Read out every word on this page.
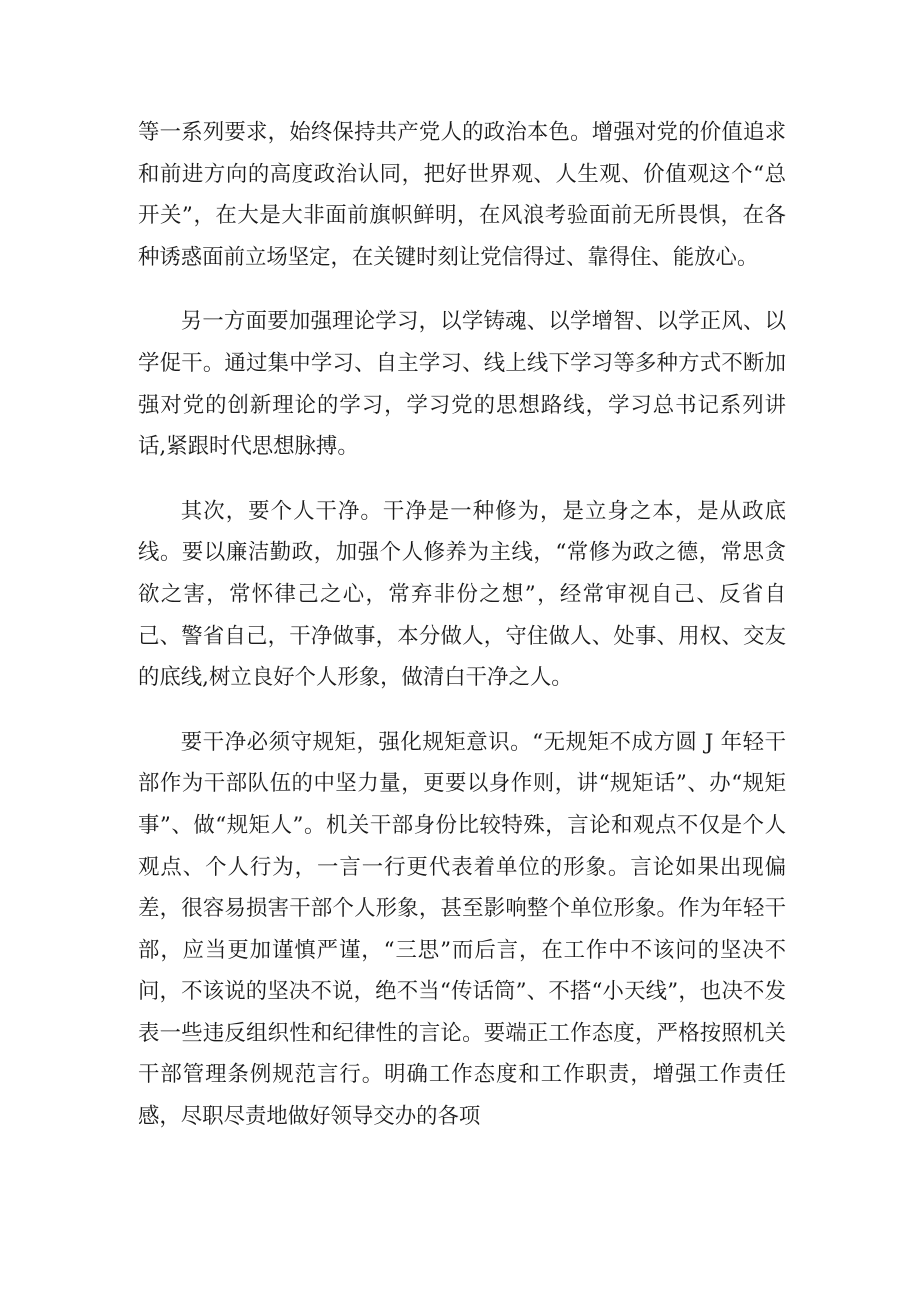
等一系列要求，始终保持共产党人的政治本色。增强对党的价值追求和前进方向的高度政治认同，把好世界观、人生观、价值观这个“总开关”，在大是大非面前旗帜鲜明，在风浪考验面前无所畏惧，在各种诱惑面前立场坚定，在关键时刻让党信得过、靠得住、能放心。

另一方面要加强理论学习，以学铸魂、以学增智、以学正风、以学促干。通过集中学习、自主学习、线上线下学习等多种方式不断加强对党的创新理论的学习，学习党的思想路线，学习总书记系列讲话,紧跟时代思想脉搏。

其次，要个人干净。干净是一种修为，是立身之本，是从政底线。要以廉洁勤政，加强个人修养为主线，“常修为政之德，常思贪欲之害，常怀律己之心，常弃非份之想”，经常审视自己、反省自己、警省自己，干净做事，本分做人，守住做人、处事、用权、交友的底线,树立良好个人形象，做清白干净之人。

要干净必须守规矩，强化规矩意识。“无规矩不成方圆 J 年轻干部作为干部队伍的中坚力量，更要以身作则，讲“规矩话”、办“规矩事”、做“规矩人”。机关干部身份比较特殊，言论和观点不仅是个人观点、个人行为，一言一行更代表着单位的形象。言论如果出现偏差，很容易损害干部个人形象，甚至影响整个单位形象。作为年轻干部，应当更加谨慎严谨，“三思”而后言，在工作中不该问的坚决不问，不该说的坚决不说，绝不当“传话筒”、不搭“小天线”，也决不发表一些违反组织性和纪律性的言论。要端正工作态度，严格按照机关干部管理条例规范言行。明确工作态度和工作职责，增强工作责任感，尽职尽责地做好领导交办的各项
